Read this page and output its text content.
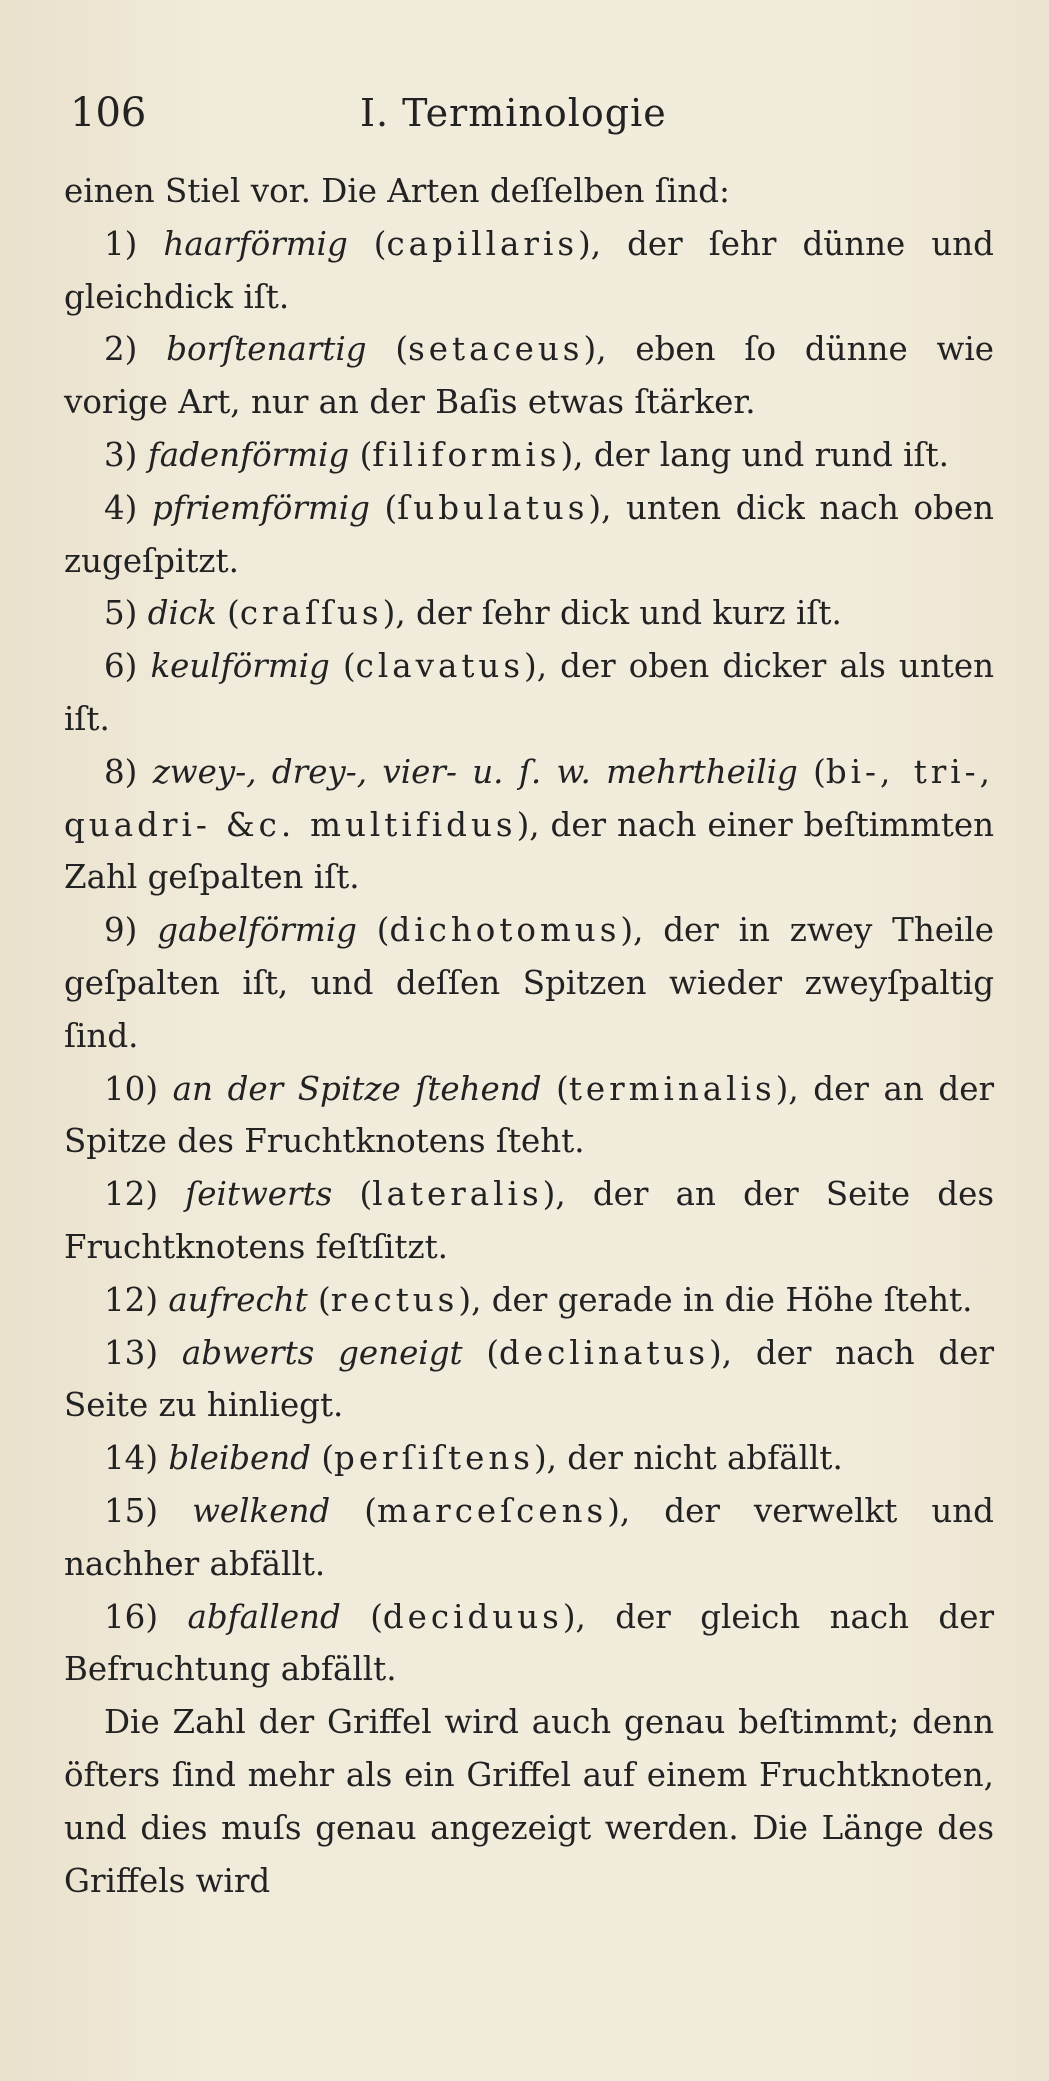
106	I. Terminologie

einen Stiel vor. Die Arten deſſelben ſind:

1) haarförmig (capillaris), der ſehr dünne und gleichdick iſt.

2) borſtenartig (setaceus), eben ſo dünne wie vorige Art, nur an der Baſis etwas ſtärker.

3) fadenförmig (filiformis), der lang und rund iſt.

4) pfriemförmig (ſubulatus), unten dick nach oben zugeſpitzt.

5) dick (craſſus), der ſehr dick und kurz iſt.

6) keulförmig (clavatus), der oben dicker als unten iſt.

8) zwey-, drey-, vier- u. ſ. w. mehrtheilig (bi-, tri-, quadri- &c. multifidus), der nach einer beſtimmten Zahl geſpalten iſt.

9) gabelförmig (dichotomus), der in zwey Theile geſpalten iſt, und deſſen Spitzen wieder zweyſpaltig ſind.

10) an der Spitze ſtehend (terminalis), der an der Spitze des Fruchtknotens ſteht.

12) ſeitwerts (lateralis), der an der Seite des Fruchtknotens feſtſitzt.

12) aufrecht (rectus), der gerade in die Höhe ſteht.

13) abwerts geneigt (declinatus), der nach der Seite zu hinliegt.

14) bleibend (perſiſtens), der nicht abfällt.

15) welkend (marceſcens), der verwelkt und nachher abfällt.

16) abfallend (deciduus), der gleich nach der Befruchtung abfällt.

Die Zahl der Griffel wird auch genau beſtimmt; denn öfters ſind mehr als ein Griffel auf einem Fruchtknoten, und dies muſs genau angezeigt werden. Die Länge des Griffels wird
